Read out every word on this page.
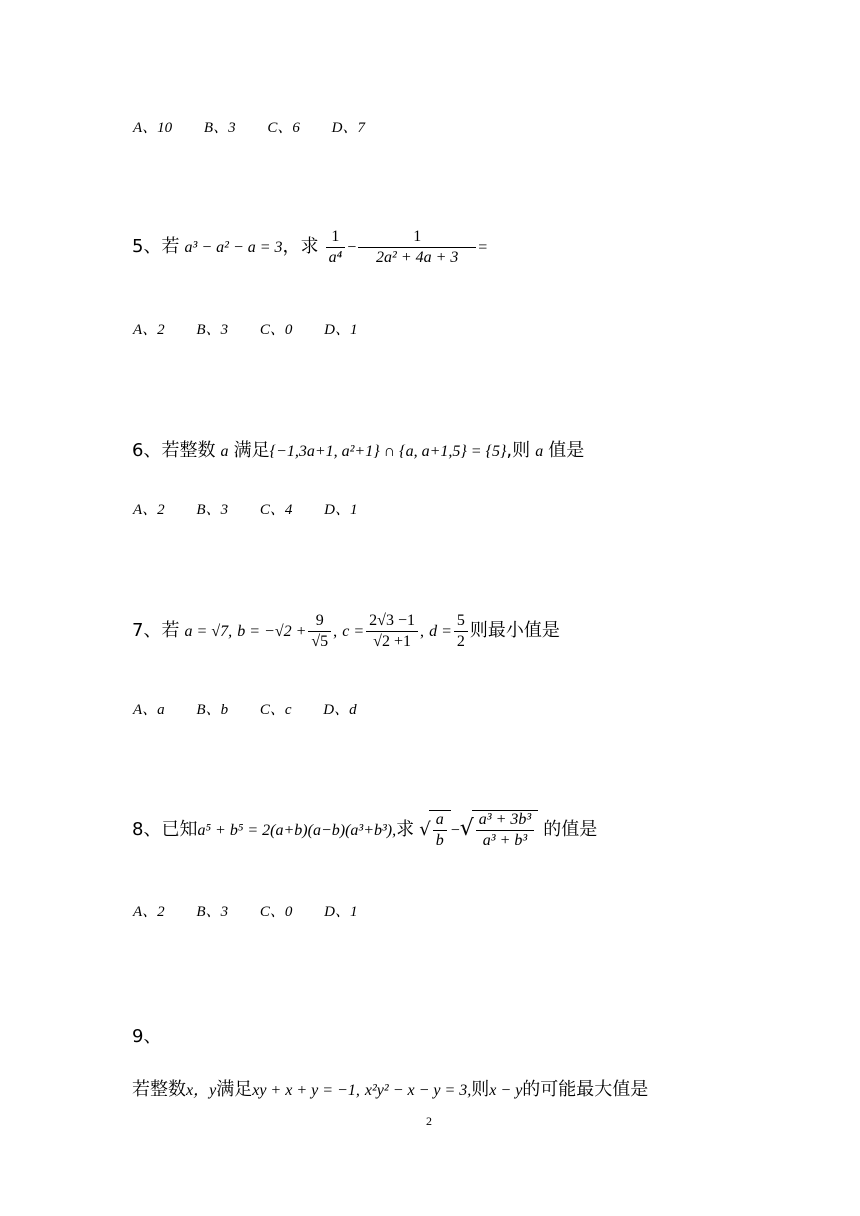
A、10 B、3 C、6 D、7
5、若 a³ − a² − a = 3，求 $\frac{1}{\text{a⁴}} - \frac{1}{\text{2a² + 4a + 3}}$ =
A、2 B、3 C、0 D、1
6、若整数 a 满足{−1,3a+1, a²+1} ∩ {a, a+1,5} = {5},则 a 值是
A、2 B、3 C、4 D、1
7、若 a = √7, $b = -√2 + \frac{9}{√5}$ , $c = \frac{2√3 -1}{√2 +1}$ , $d = \frac{5}{2}$ 则最小值是
A、a B、b C、c D、d
8、已知a⁵ + b⁵ = 2(a+b)(a−b)(a³+b³),求 √ $\frac{a}{b}$ −√ $\frac{\text{a³ + 3b³}}{\text{a³ + b³}}$ 的值是
A、2 B、3 C、0 D、1
9、
若整数x，y满足xy + x + y = −1, x²y² − x − y = 3,则x − y的可能最大值是
2
